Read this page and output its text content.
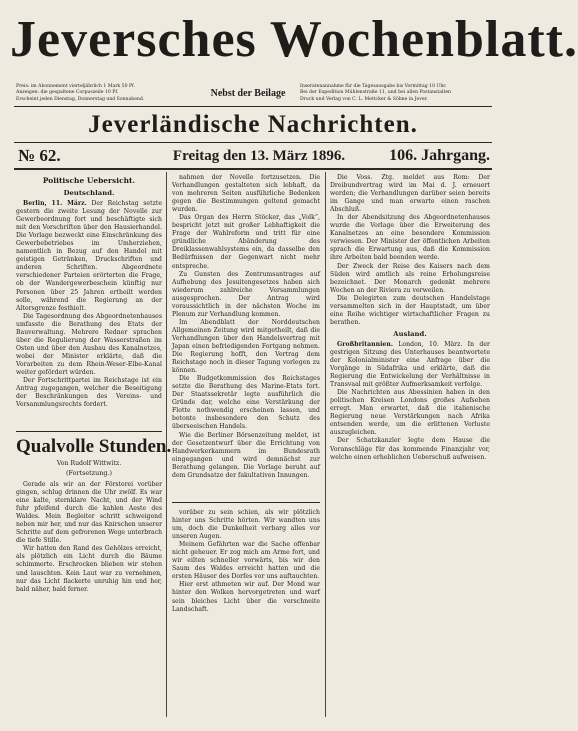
Jeversches Wochenblatt.
Preis: im Abonnement vierteljährlich 1 Mark 50 Pf.
Anzeigen: die gespaltene Corpuszeile 10 Pf.
Erscheint jeden Dienstag, Donnerstag und Sonnabend.
Nebst der Beilage
Inseratenannahme für die Tagesausgabe bis Vormittag 10 Uhr.
Bei der Expedition Mühlenstraße 11, und bei allen Postanstalten
Druck und Verlag von C. L. Mettcker & Söhne in Jever.
Jeverländische Nachrichten.
№ 62.	Freitag den 13. März 1896.	106. Jahrgang.

Politische Uebersicht.

Deutschland.

Berlin, 11. März. Der Reichstag setzte gestern die zweite Lesung der Novelle zur Gewerbeordnung fort und beschäftigte sich mit den Vorschriften über den Hausierhandel. Die Vorlage bezweckt eine Einschränkung des Gewerbebetriebes im Umherziehen, namentlich in Bezug auf den Handel mit geistigen Getränken, Druckschriften und anderen Schriften. Abgeordnete verschiedener Parteien erörterten die Frage, ob der Wandergewerbeschein künftig nur Personen über 25 Jahren ertheilt werden solle, während die Regierung an der Altersgrenze festhielt.

Die Tagesordnung des Abgeordnetenhauses umfasste die Berathung des Etats der Bauverwaltung. Mehrere Redner sprachen über die Regulierung der Wasserstraßen im Osten und über den Ausbau des Kanalnetzes, wobei der Minister erklärte, daß die Vorarbeiten zu dem Rhein-Weser-Elbe-Kanal weiter gefördert würden.

Der Fortschrittpartei im Reichstage ist ein Antrag zugegangen, welcher die Beseitigung der Beschränkungen des Vereins- und Versammlungsrechts fordert.

Qualvolle Stunden.
Von Rudolf Wittwitz.
(Fortsetzung.)

Gerade als wir an der Försterei vorüber gingen, schlug drinnen die Uhr zwölf. Es war eine kalte, sternklare Nacht, und der Wind fuhr pfeifend durch die kahlen Aeste des Waldes. Mein Begleiter schritt schweigend neben mir her, und nur das Knirschen unserer Schritte auf dem gefrorenen Wege unterbrach die tiefe Stille.

Wir hatten den Rand des Gehölzes erreicht, als plötzlich ein Licht durch die Bäume schimmerte. Erschrocken blieben wir stehen und lauschten. Kein Laut war zu vernehmen, nur das Licht flackerte unruhig hin und her, bald näher, bald ferner.

nahmen der Novelle fortzusetzen. Die Verhandlungen gestalteten sich lebhaft, da von mehreren Seiten ausführliche Bedenken gegen die Bestimmungen geltend gemacht wurden.

Das Organ des Herrn Stöcker, das „Volk“, bespricht jetzt mit großer Lebhaftigkeit die Frage der Wahlreform und tritt für eine gründliche Abänderung des Dreiklassenwahlsystems ein, da dasselbe den Bedürfnissen der Gegenwart nicht mehr entspreche.

Zu Gunsten des Zentrumsantrages auf Aufhebung des Jesuitengesetzes haben sich wiederum zahlreiche Versammlungen ausgesprochen. Der Antrag wird voraussichtlich in der nächsten Woche im Plenum zur Verhandlung kommen.

Im Abendblatt der Norddeutschen Allgemeinen Zeitung wird mitgetheilt, daß die Verhandlungen über den Handelsvertrag mit Japan einen befriedigenden Fortgang nehmen. Die Regierung hofft, den Vertrag dem Reichstage noch in dieser Tagung vorlegen zu können.

Die Budgetkommission des Reichstages setzte die Berathung des Marine-Etats fort. Der Staatssekretär legte ausführlich die Gründe dar, welche eine Verstärkung der Flotte nothwendig erscheinen lassen, und betonte insbesondere den Schutz des überseeischen Handels.

Wie die Berliner Börsenzeitung meldet, ist der Gesetzentwurf über die Errichtung von Handwerkerkammern im Bundesrath eingegangen und wird demnächst zur Berathung gelangen. Die Vorlage beruht auf dem Grundsatze der fakultativen Innungen.

vorüber zu sein schien, als wir plötzlich hinter uns Schritte hörten. Wir wandten uns um, doch die Dunkelheit verbarg alles vor unseren Augen.

Meinem Gefährten war die Sache offenbar nicht geheuer. Er zog mich am Arme fort, und wir eilten schneller vorwärts, bis wir den Saum des Waldes erreicht hatten und die ersten Häuser des Dorfes vor uns auftauchten.

Hier erst athmeten wir auf. Der Mond war hinter den Wolken hervorgetreten und warf sein bleiches Licht über die verschneite Landschaft.

Die Voss. Ztg. meldet aus Rom: Der Dreibundvertrag wird im Mai d. J. erneuert werden; die Verhandlungen darüber seien bereits im Gange und man erwarte einen raschen Abschluß.

In der Abendsitzung des Abgeordnetenhauses wurde die Vorlage über die Erweiterung des Kanalnetzes an eine besondere Kommission verwiesen. Der Minister der öffentlichen Arbeiten sprach die Erwartung aus, daß die Kommission ihre Arbeiten bald beenden werde.

Der Zweck der Reise des Kaisers nach dem Süden wird amtlich als reine Erholungsreise bezeichnet. Der Monarch gedenkt mehrere Wochen an der Riviera zu verweilen.

Die Delegirten zum deutschen Handelstage versammelten sich in der Hauptstadt, um über eine Reihe wichtiger wirtschaftlicher Fragen zu berathen.

Ausland.

Großbritannien. London, 10. März. In der gestrigen Sitzung des Unterhauses beantwortete der Kolonialminister eine Anfrage über die Vorgänge in Südafrika und erklärte, daß die Regierung die Entwickelung der Verhältnisse in Transvaal mit größter Aufmerksamkeit verfolge.

Die Nachrichten aus Abessinien haben in den politischen Kreisen Londons großes Aufsehen erregt. Man erwartet, daß die italienische Regierung neue Verstärkungen nach Afrika entsenden werde, um die erlittenen Verluste auszugleichen.

Der Schatzkanzler legte dem Hause die Voranschläge für das kommende Finanzjahr vor, welche einen erheblichen Ueberschuß aufweisen.
